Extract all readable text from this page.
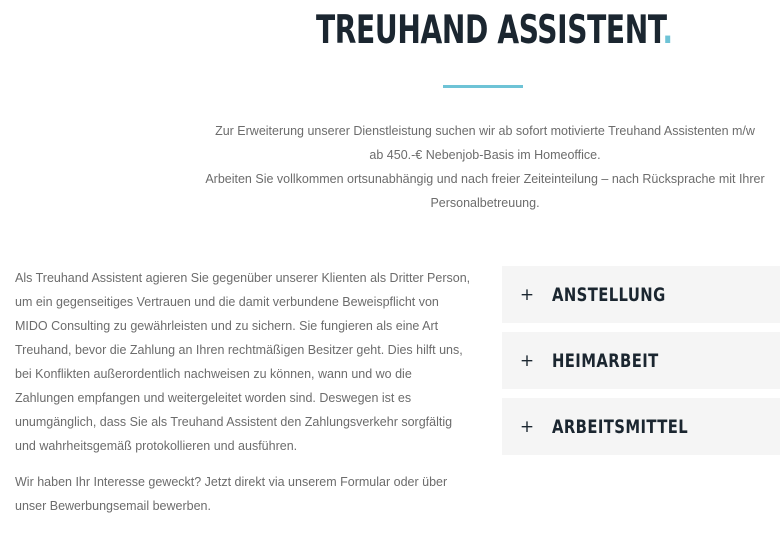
TREUHAND ASSISTENT.

Zur Erweiterung unserer Dienstleistung suchen wir ab sofort motivierte Treuhand Assistenten m/w

ab 450.-€ Nebenjob-Basis im Homeoffice.

Arbeiten Sie vollkommen ortsunabhängig und nach freier Zeiteinteilung – nach Rücksprache mit Ihrer Personalbetreuung.

Als Treuhand Assistent agieren Sie gegenüber unserer Klienten als Dritter Person, um ein gegenseitiges Vertrauen und die damit verbundene Beweispflicht von MIDO Consulting zu gewährleisten und zu sichern. Sie fungieren als eine Art Treuhand, bevor die Zahlung an Ihren rechtmäßigen Besitzer geht. Dies hilft uns, bei Konflikten außerordentlich nachweisen zu können, wann und wo die Zahlungen empfangen und weitergeleitet worden sind. Deswegen ist es unumgänglich, dass Sie als Treuhand Assistent den Zahlungsverkehr sorgfältig und wahrheitsgemäß protokollieren und ausführen.

Wir haben Ihr Interesse geweckt? Jetzt direkt via unserem Formular oder über unser Bewerbungsemail bewerben.

+ ANSTELLUNG
+ HEIMARBEIT
+ ARBEITSMITTEL
